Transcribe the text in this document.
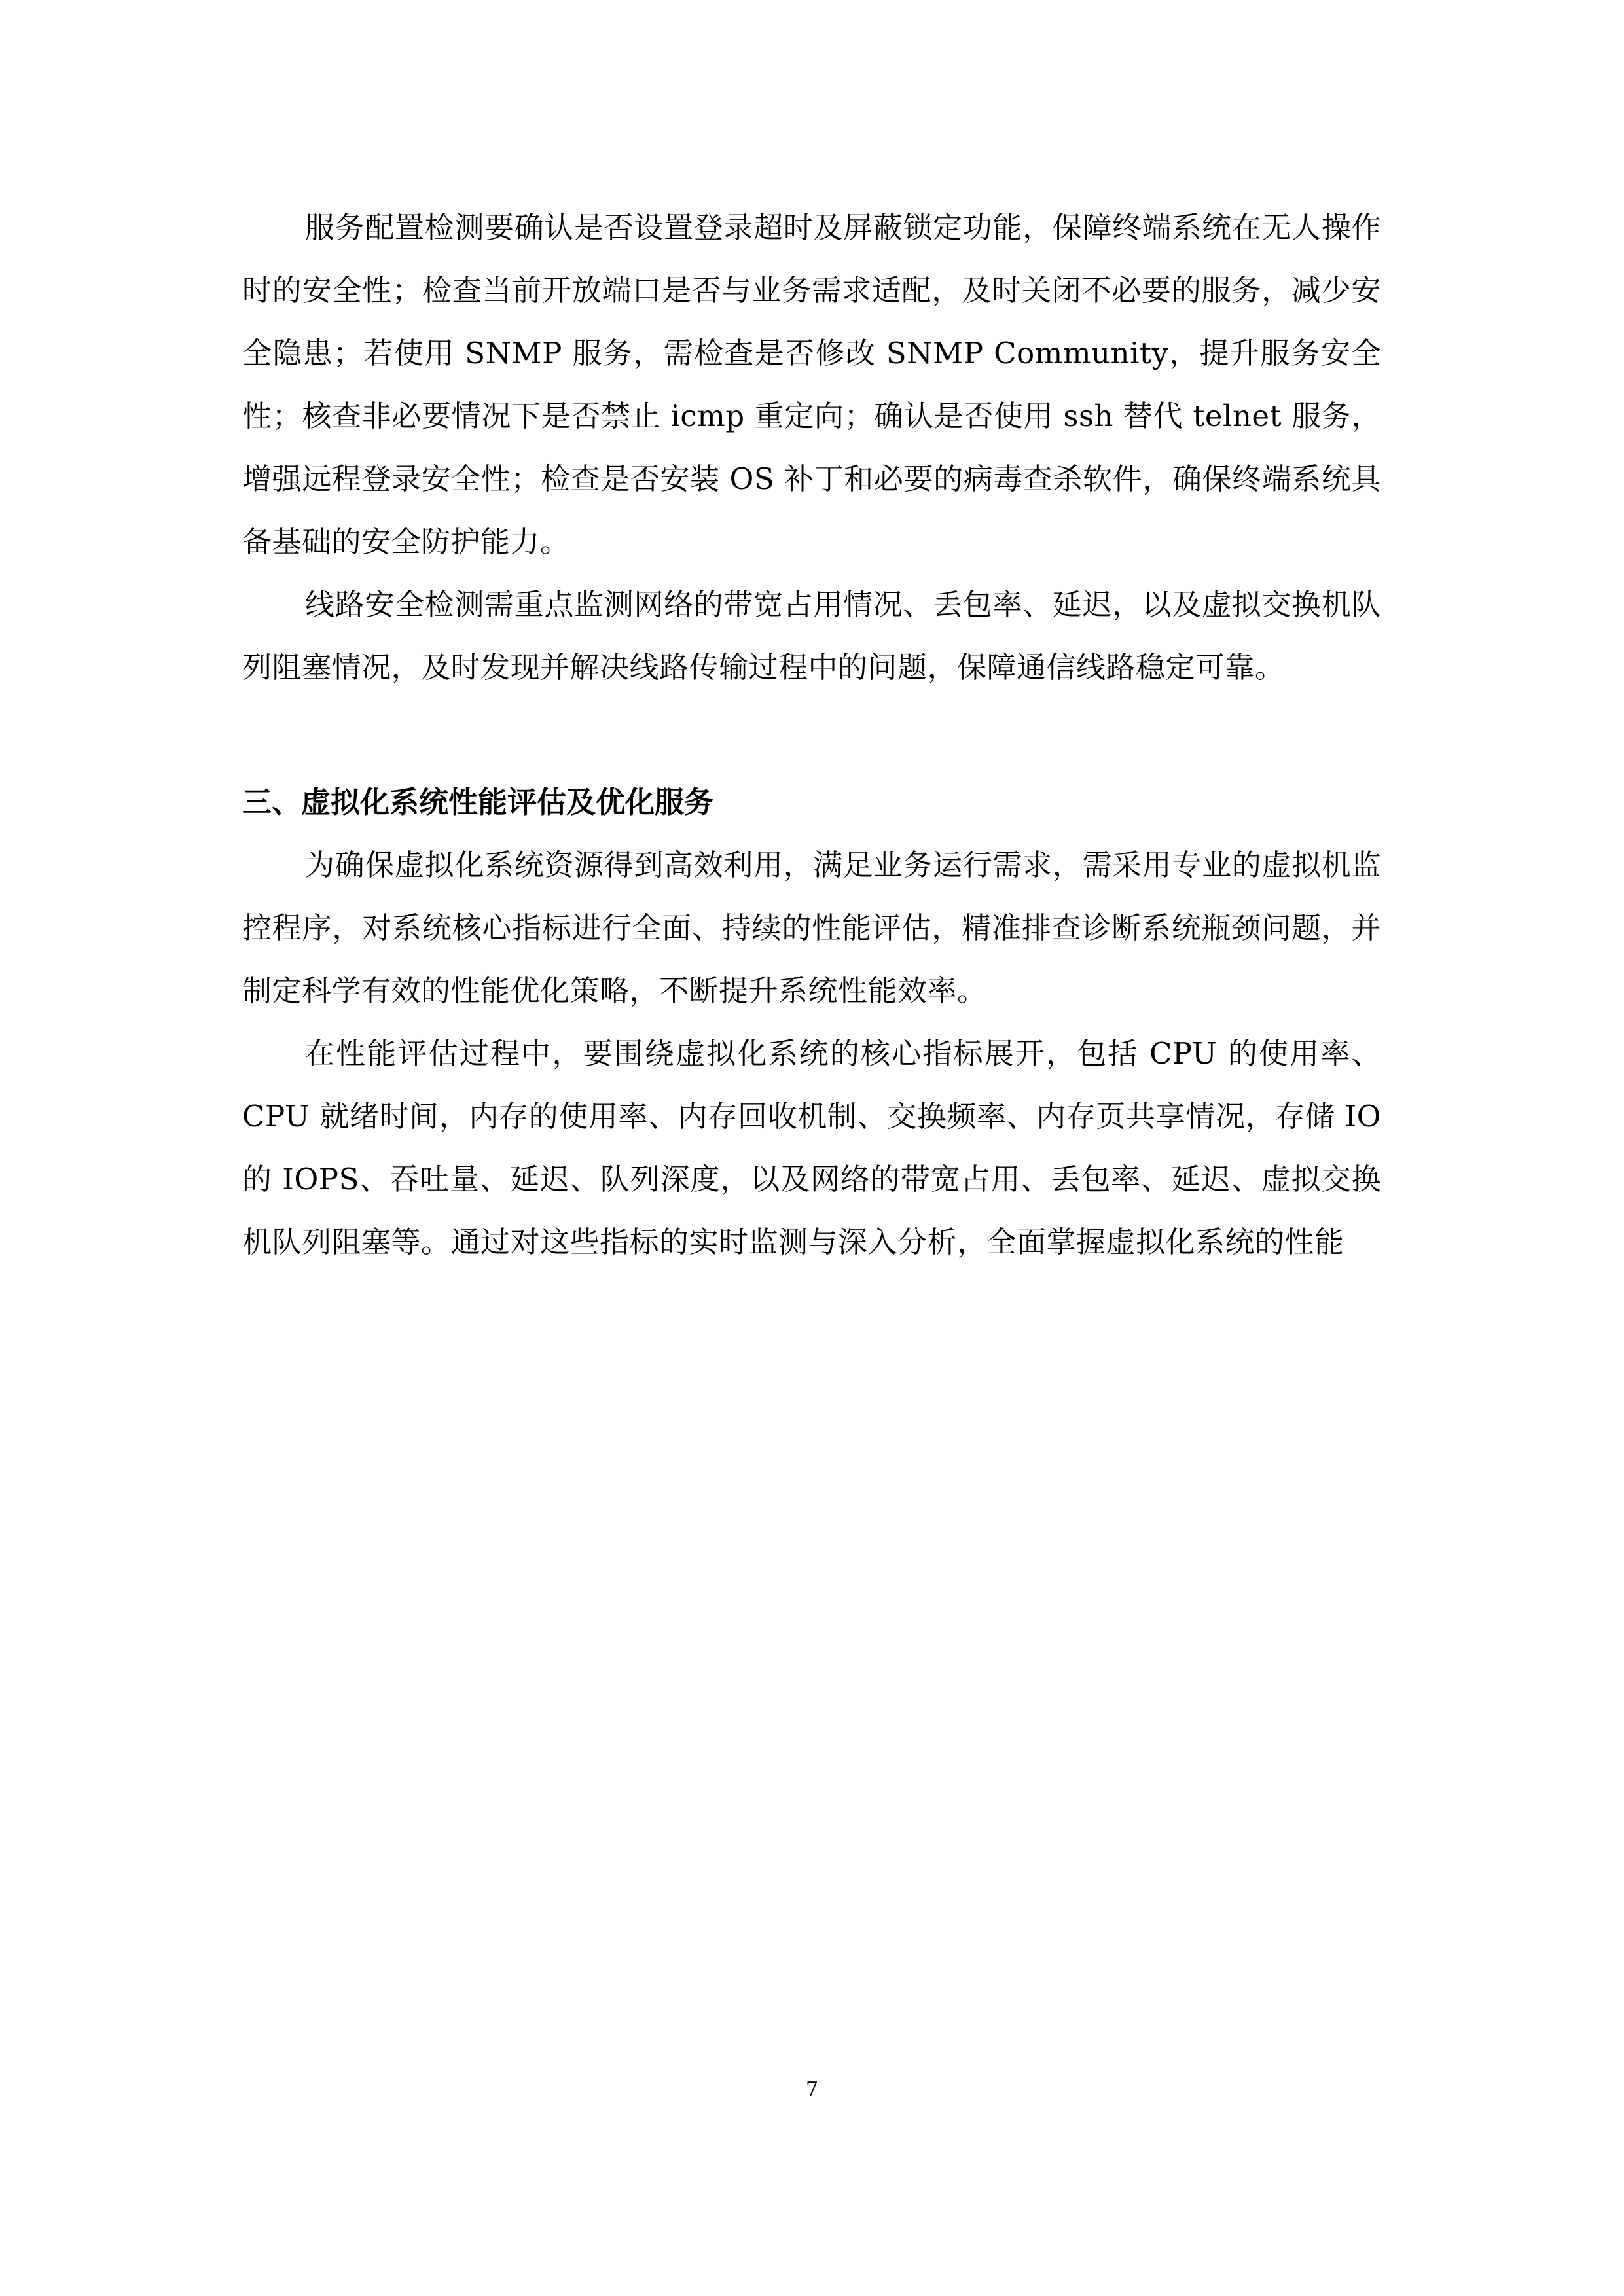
服务配置检测要确认是否设置登录超时及屏蔽锁定功能，保障终端系统在无人操作时的安全性；检查当前开放端口是否与业务需求适配，及时关闭不必要的服务，减少安全隐患；若使用 SNMP 服务，需检查是否修改 SNMP Community，提升服务安全性；核查非必要情况下是否禁止 icmp 重定向；确认是否使用 ssh 替代 telnet 服务，增强远程登录安全性；检查是否安装 OS 补丁和必要的病毒查杀软件，确保终端系统具备基础的安全防护能力。

线路安全检测需重点监测网络的带宽占用情况、丢包率、延迟，以及虚拟交换机队列阻塞情况，及时发现并解决线路传输过程中的问题，保障通信线路稳定可靠。

三、虚拟化系统性能评估及优化服务

为确保虚拟化系统资源得到高效利用，满足业务运行需求，需采用专业的虚拟机监控程序，对系统核心指标进行全面、持续的性能评估，精准排查诊断系统瓶颈问题，并制定科学有效的性能优化策略，不断提升系统性能效率。

在性能评估过程中，要围绕虚拟化系统的核心指标展开，包括 CPU 的使用率、CPU 就绪时间，内存的使用率、内存回收机制、交换频率、内存页共享情况，存储 IO 的 IOPS、吞吐量、延迟、队列深度，以及网络的带宽占用、丢包率、延迟、虚拟交换机队列阻塞等。通过对这些指标的实时监测与深入分析，全面掌握虚拟化系统的性能

7
